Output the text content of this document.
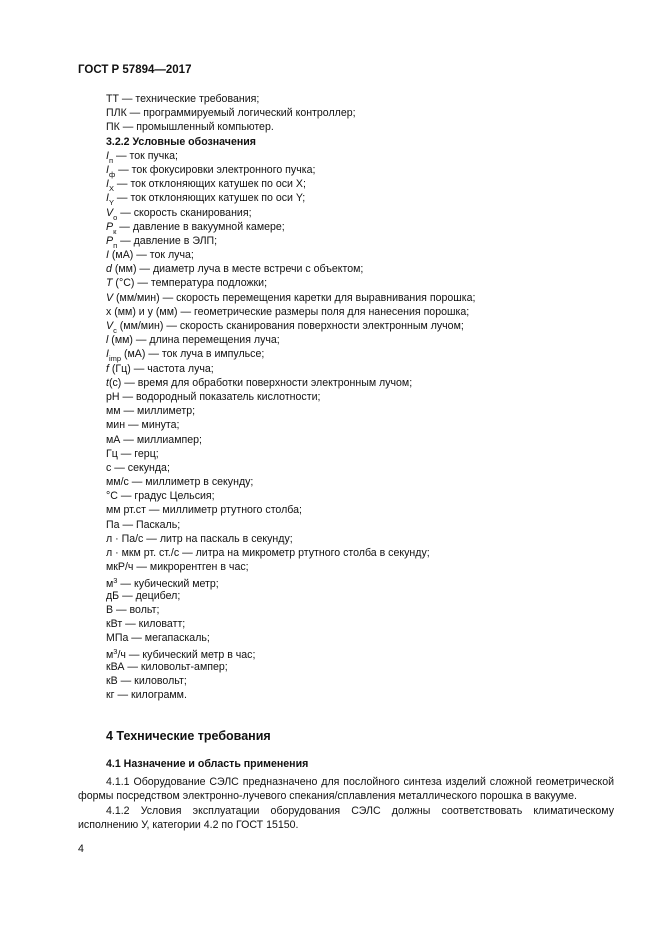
ГОСТ Р 57894—2017
ТТ — технические требования;
ПЛК — программируемый логический контроллер;
ПК — промышленный компьютер.
3.2.2 Условные обозначения
$I_п$ — ток пучка;
$I_ф$ — ток фокусировки электронного пучка;
$I_X$ — ток отклоняющих катушек по оси X;
$I_Y$ — ток отклоняющих катушек по оси Y;
$V_o$ — скорость сканирования;
$P_к$ — давление в вакуумной камере;
$P_п$ — давление в ЭЛП;
I (мА) — ток луча;
d (мм) — диаметр луча в месте встречи с объектом;
T (°C) — температура подложки;
V (мм/мин) — скорость перемещения каретки для выравнивания порошка;
x (мм) и y (мм) — геометрические размеры поля для нанесения порошка;
$V_c$ (мм/мин) — скорость сканирования поверхности электронным лучом;
l (мм) — длина перемещения луча;
$I_{imp}$ (мА) — ток луча в импульсе;
f (Гц) — частота луча;
t(c) — время для обработки поверхности электронным лучом;
pH — водородный показатель кислотности;
мм — миллиметр;
мин — минута;
мА — миллиампер;
Гц — герц;
с — секунда;
мм/с — миллиметр в секунду;
°C — градус Цельсия;
мм рт.ст — миллиметр ртутного столба;
Па — Паскаль;
л · Па/с — литр на паскаль в секунду;
л · мкм рт. ст./с — литра на микрометр ртутного столба в секунду;
мкР/ч — микрорентген в час;
$м^3$ — кубический метр;
дБ — децибел;
В — вольт;
кВт — киловатт;
МПа — мегапаскаль;
$м^3/ч$ — кубический метр в час;
кВА — киловольт-ампер;
кВ — киловольт;
кг — килограмм.
4 Технические требования
4.1 Назначение и область применения
4.1.1 Оборудование СЭЛС предназначено для послойного синтеза изделий сложной геометрической формы посредством электронно-лучевого спекания/сплавления металлического порошка в вакууме.
4.1.2 Условия эксплуатации оборудования СЭЛС должны соответствовать климатическому исполнению У, категории 4.2 по ГОСТ 15150.
4
